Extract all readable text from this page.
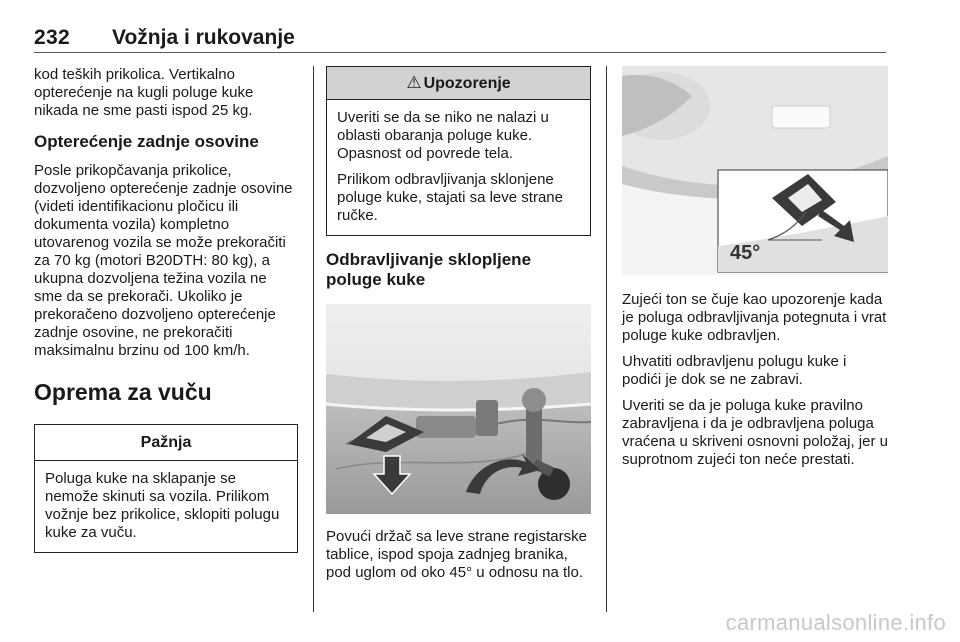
232 Vožnja i rukovanje

kod teških prikolica. Vertikalno opterećenje na kugli poluge kuke nikada ne sme pasti ispod 25 kg.

Opterećenje zadnje osovine

Posle prikopčavanja prikolice, dozvoljeno opterećenje zadnje osovine (videti identifikacionu pločicu ili dokumenta vozila) kompletno utovarenog vozila se može prekoračiti za 70 kg (motori B20DTH: 80 kg), a ukupna dozvoljena težina vozila ne sme da se prekorači. Ukoliko je prekoračeno dozvoljeno opterećenje zadnje osovine, ne prekoračiti maksimalnu brzinu od 100 km/h.

Oprema za vuču
Pažnja

Poluga kuke na sklapanje se nemože skinuti sa vozila. Prilikom vožnje bez prikolice, sklopiti polugu kuke za vuču.

⚠ Upozorenje

Uveriti se da se niko ne nalazi u oblasti obaranja poluge kuke. Opasnost od povrede tela.

Prilikom odbravljivanja sklonjene poluge kuke, stajati sa leve strane ručke.

Odbravljivanje sklopljene poluge kuke

Povući držač sa leve strane registarske tablice, ispod spoja zadnjeg branika, pod uglom od oko 45° u odnosu na tlo.

45°

Zujeći ton se čuje kao upozorenje kada je poluga odbravljivanja potegnuta i vrat poluge kuke odbravljen.

Uhvatiti odbravljenu polugu kuke i podići je dok se ne zabravi.

Uveriti se da je poluga kuke pravilno zabravljena i da je odbravljena poluga vraćena u skriveni osnovni položaj, jer u suprotnom zujeći ton neće prestati.

carmanualsonline.info
